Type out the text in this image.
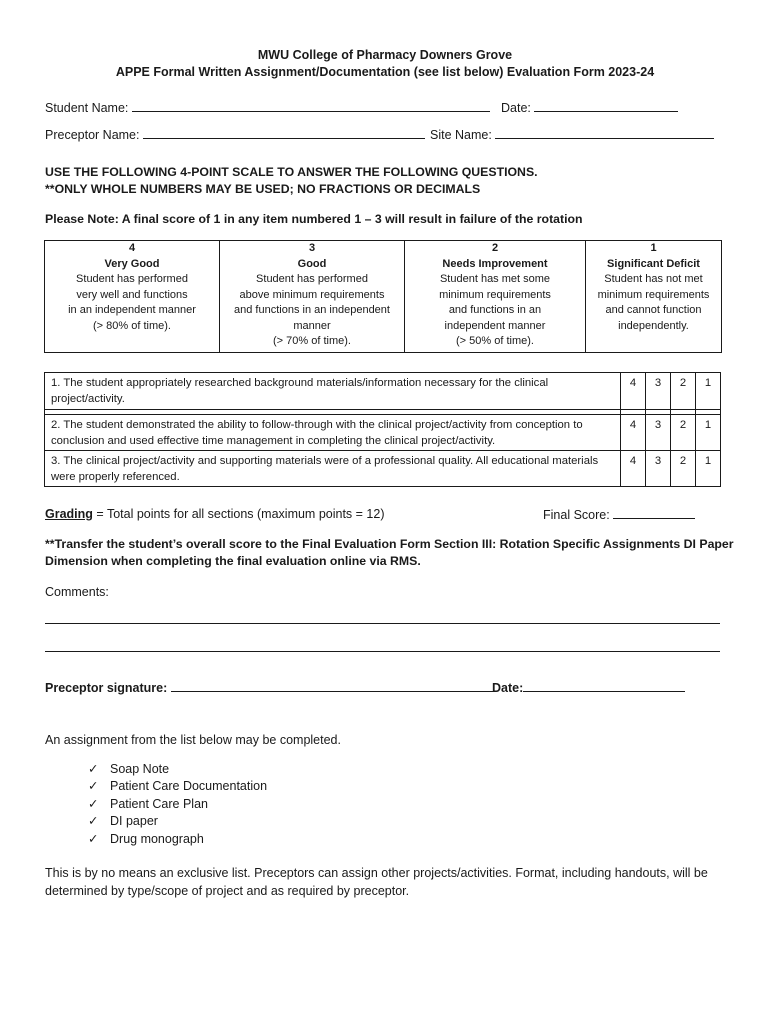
MWU College of Pharmacy Downers Grove
APPE Formal Written Assignment/Documentation (see list below) Evaluation Form 2023-24
Student Name:	Date:
Preceptor Name:	Site Name:
USE THE FOLLOWING 4-POINT SCALE TO ANSWER THE FOLLOWING QUESTIONS.
**ONLY WHOLE NUMBERS MAY BE USED; NO FRACTIONS OR DECIMALS
Please Note: A final score of 1 in any item numbered 1 – 3 will result in failure of the rotation
4
Very Good
Student has performed
very well and functions
in an independent manner
(> 80% of time).

3
Good
Student has performed
above minimum requirements
and functions in an independent
manner
(> 70% of time).

2
Needs Improvement
Student has met some
minimum requirements
and functions in an
independent manner
(> 50% of time).

1
Significant Deficit
Student has not met
minimum requirements
and cannot function
independently.
1. The student appropriately researched background materials/information necessary for the clinical project/activity.	4	3	2	1

2. The student demonstrated the ability to follow-through with the clinical project/activity from conception to conclusion and used effective time management in completing the clinical project/activity.	4	3	2	1
3. The clinical project/activity and supporting materials were of a professional quality. All educational materials were properly referenced.	4	3	2	1
Grading = Total points for all sections (maximum points = 12)	Final Score:
**Transfer the student’s overall score to the Final Evaluation Form Section III: Rotation Specific Assignments DI Paper
Dimension when completing the final evaluation online via RMS.
Comments:
Preceptor signature:	Date:
An assignment from the list below may be completed.
✓ Soap Note
✓ Patient Care Documentation
✓ Patient Care Plan
✓ DI paper
✓ Drug monograph
This is by no means an exclusive list. Preceptors can assign other projects/activities. Format, including handouts, will be
determined by type/scope of project and as required by preceptor.
